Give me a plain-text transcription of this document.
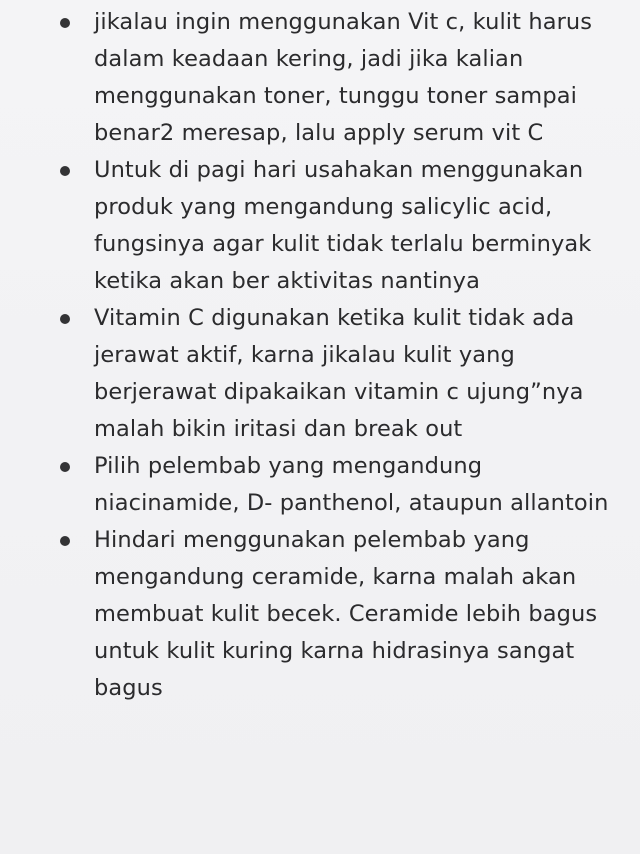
jikalau ingin menggunakan Vit c, kulit harus dalam keadaan kering, jadi jika kalian menggunakan toner, tunggu toner sampai benar2 meresap, lalu apply serum vit C
Untuk di pagi hari usahakan menggunakan produk yang mengandung salicylic acid, fungsinya agar kulit tidak terlalu berminyak ketika akan ber aktivitas nantinya
Vitamin C digunakan ketika kulit tidak ada jerawat aktif, karna jikalau kulit yang berjerawat dipakaikan vitamin c ujung”nya malah bikin iritasi dan break out
Pilih pelembab yang mengandung niacinamide, D- panthenol, ataupun allantoin
Hindari menggunakan pelembab yang mengandung ceramide, karna malah akan membuat kulit becek. Ceramide lebih bagus untuk kulit kuring karna hidrasinya sangat bagus
